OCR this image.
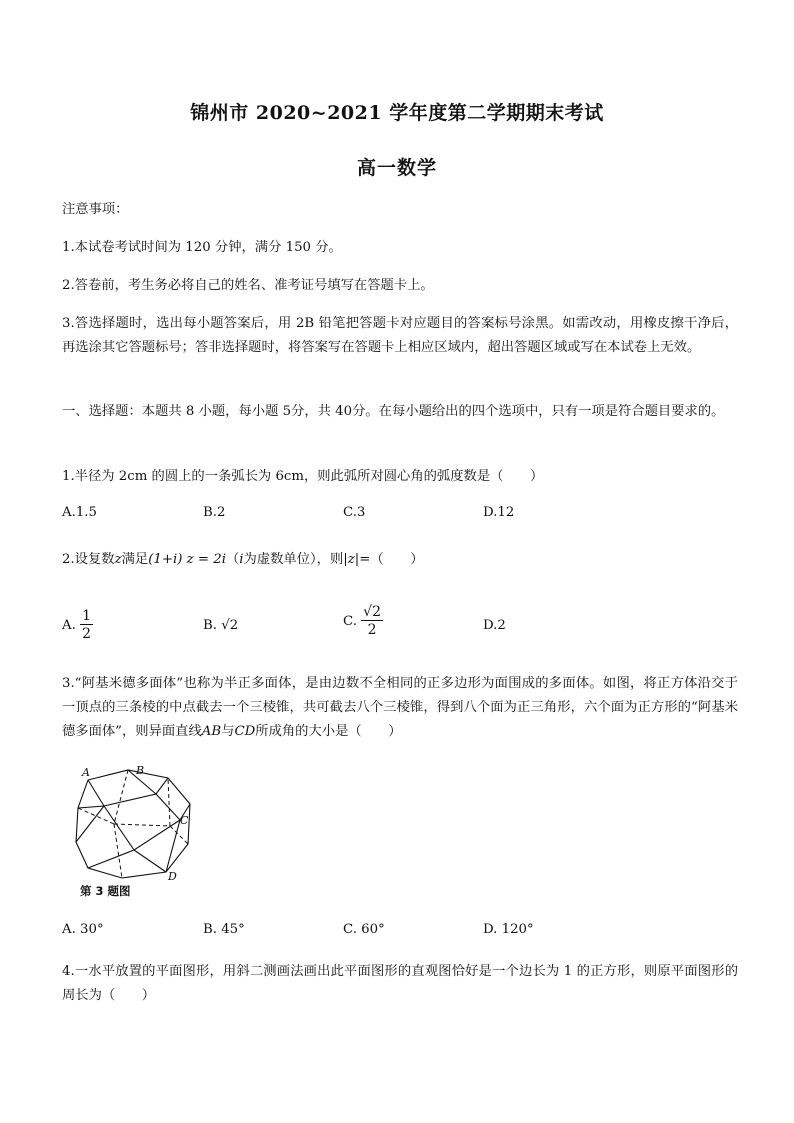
锦州市 2020~2021 学年度第二学期期末考试
高一数学
注意事项：
1.本试卷考试时间为 120 分钟，满分 150 分。
2.答卷前，考生务必将自己的姓名、准考证号填写在答题卡上。
3.答选择题时，选出每小题答案后，用 2B 铅笔把答题卡对应题目的答案标号涂黑。如需改动，用橡皮擦干净后，再选涂其它答题标号；答非选择题时，将答案写在答题卡上相应区域内，超出答题区域或写在本试卷上无效。
一、选择题：本题共 8 小题，每小题 5分，共 40分。在每小题给出的四个选项中，只有一项是符合题目要求的。
1.半径为 2cm 的圆上的一条弧长为 6cm，则此弧所对圆心角的弧度数是（　　）
A.1.5	B.2	C.3	D.12
2.设复数z满足(1+i) z = 2i（i为虚数单位），则|z|=（　　）
A. $\frac{1}{2}$	B. √2	C. $\frac{√2}{2}$	D.2
3.“阿基米德多面体”也称为半正多面体，是由边数不全相同的正多边形为面围成的多面体。如图，将正方体沿交于一顶点的三条棱的中点截去一个三棱锥，共可截去八个三棱锥，得到八个面为正三角形，六个面为正方形的“阿基米德多面体”，则异面直线AB与CD所成角的大小是（　　）
A	B
C
D
第 3 题图
A. 30°	B. 45°	C. 60°	D. 120°
4.一水平放置的平面图形，用斜二测画法画出此平面图形的直观图恰好是一个边长为 1 的正方形，则原平面图形的周长为（　　）
